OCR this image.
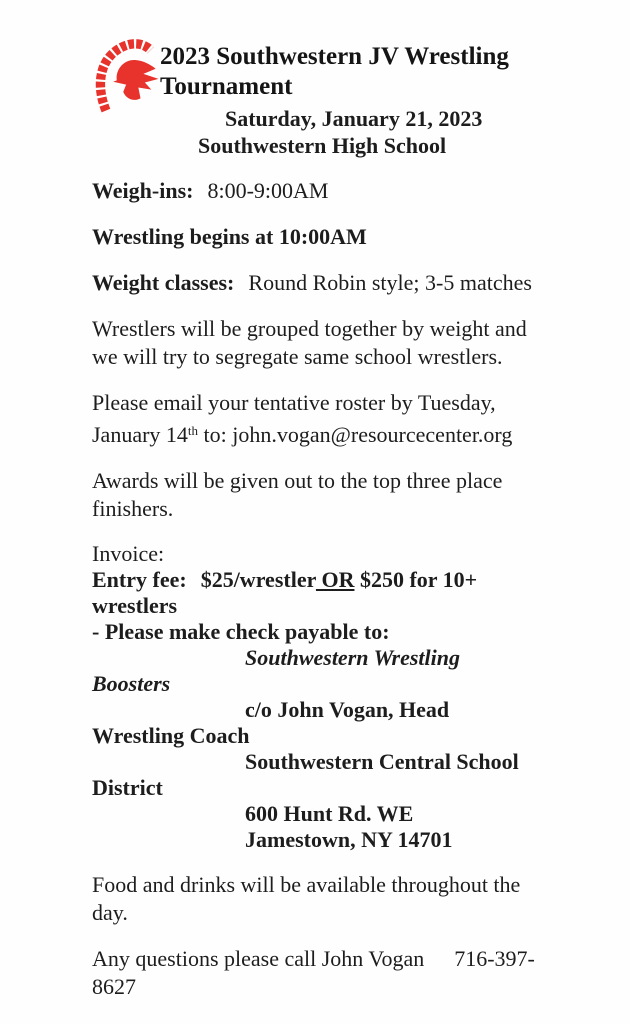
2023 Southwestern JV Wrestling
Tournament
Saturday, January 21, 2023
Southwestern High School

Weigh-ins: 8:00-9:00AM

Wrestling begins at 10:00AM

Weight classes: Round Robin style; 3-5 matches

Wrestlers will be grouped together by weight and
we will try to segregate same school wrestlers.

Please email your tentative roster by Tuesday,
January 14th to: john.vogan@resourcecenter.org

Awards will be given out to the top three place
finishers.

Invoice:
Entry fee: $25/wrestler OR $250 for 10+
wrestlers
- Please make check payable to:
Southwestern Wrestling
Boosters
c/o John Vogan, Head
Wrestling Coach
Southwestern Central School
District
600 Hunt Rd. WE
Jamestown, NY 14701

Food and drinks will be available throughout the
day.

Any questions please call John Vogan 716-397-8627
